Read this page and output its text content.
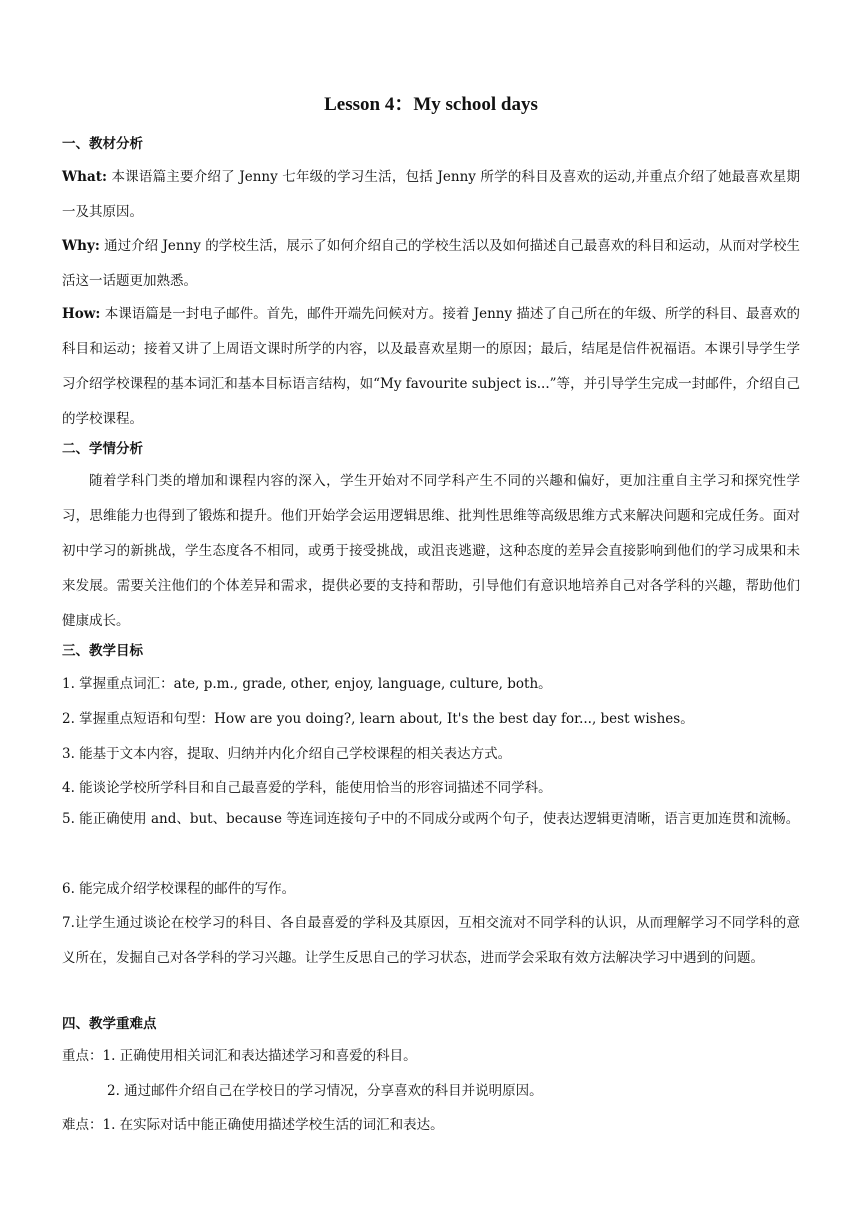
Lesson 4：My school days
一、教材分析
What: 本课语篇主要介绍了 Jenny 七年级的学习生活，包括 Jenny 所学的科目及喜欢的运动,并重点介绍了她最喜欢星期一及其原因。
Why: 通过介绍 Jenny 的学校生活，展示了如何介绍自己的学校生活以及如何描述自己最喜欢的科目和运动，从而对学校生活这一话题更加熟悉。
How: 本课语篇是一封电子邮件。首先，邮件开端先问候对方。接着 Jenny 描述了自己所在的年级、所学的科目、最喜欢的科目和运动；接着又讲了上周语文课时所学的内容，以及最喜欢星期一的原因；最后，结尾是信件祝福语。本课引导学生学习介绍学校课程的基本词汇和基本目标语言结构，如“My favourite subject is...”等，并引导学生完成一封邮件，介绍自己的学校课程。
二、学情分析
随着学科门类的增加和课程内容的深入，学生开始对不同学科产生不同的兴趣和偏好，更加注重自主学习和探究性学习，思维能力也得到了锻炼和提升。他们开始学会运用逻辑思维、批判性思维等高级思维方式来解决问题和完成任务。面对初中学习的新挑战，学生态度各不相同，或勇于接受挑战，或沮丧逃避，这种态度的差异会直接影响到他们的学习成果和未来发展。需要关注他们的个体差异和需求，提供必要的支持和帮助，引导他们有意识地培养自己对各学科的兴趣，帮助他们健康成长。
三、教学目标
1. 掌握重点词汇：ate, p.m., grade, other, enjoy, language, culture, both。
2. 掌握重点短语和句型：How are you doing?, learn about, It's the best day for..., best wishes。
3. 能基于文本内容，提取、归纳并内化介绍自己学校课程的相关表达方式。
4. 能谈论学校所学科目和自己最喜爱的学科，能使用恰当的形容词描述不同学科。
5. 能正确使用 and、but、because 等连词连接句子中的不同成分或两个句子，使表达逻辑更清晰，语言更加连贯和流畅。
6. 能完成介绍学校课程的邮件的写作。
7.让学生通过谈论在校学习的科目、各自最喜爱的学科及其原因，互相交流对不同学科的认识，从而理解学习不同学科的意义所在，发掘自己对各学科的学习兴趣。让学生反思自己的学习状态，进而学会采取有效方法解决学习中遇到的问题。
四、教学重难点
重点：1. 正确使用相关词汇和表达描述学习和喜爱的科目。
2. 通过邮件介绍自己在学校日的学习情况，分享喜欢的科目并说明原因。
难点：1. 在实际对话中能正确使用描述学校生活的词汇和表达。
